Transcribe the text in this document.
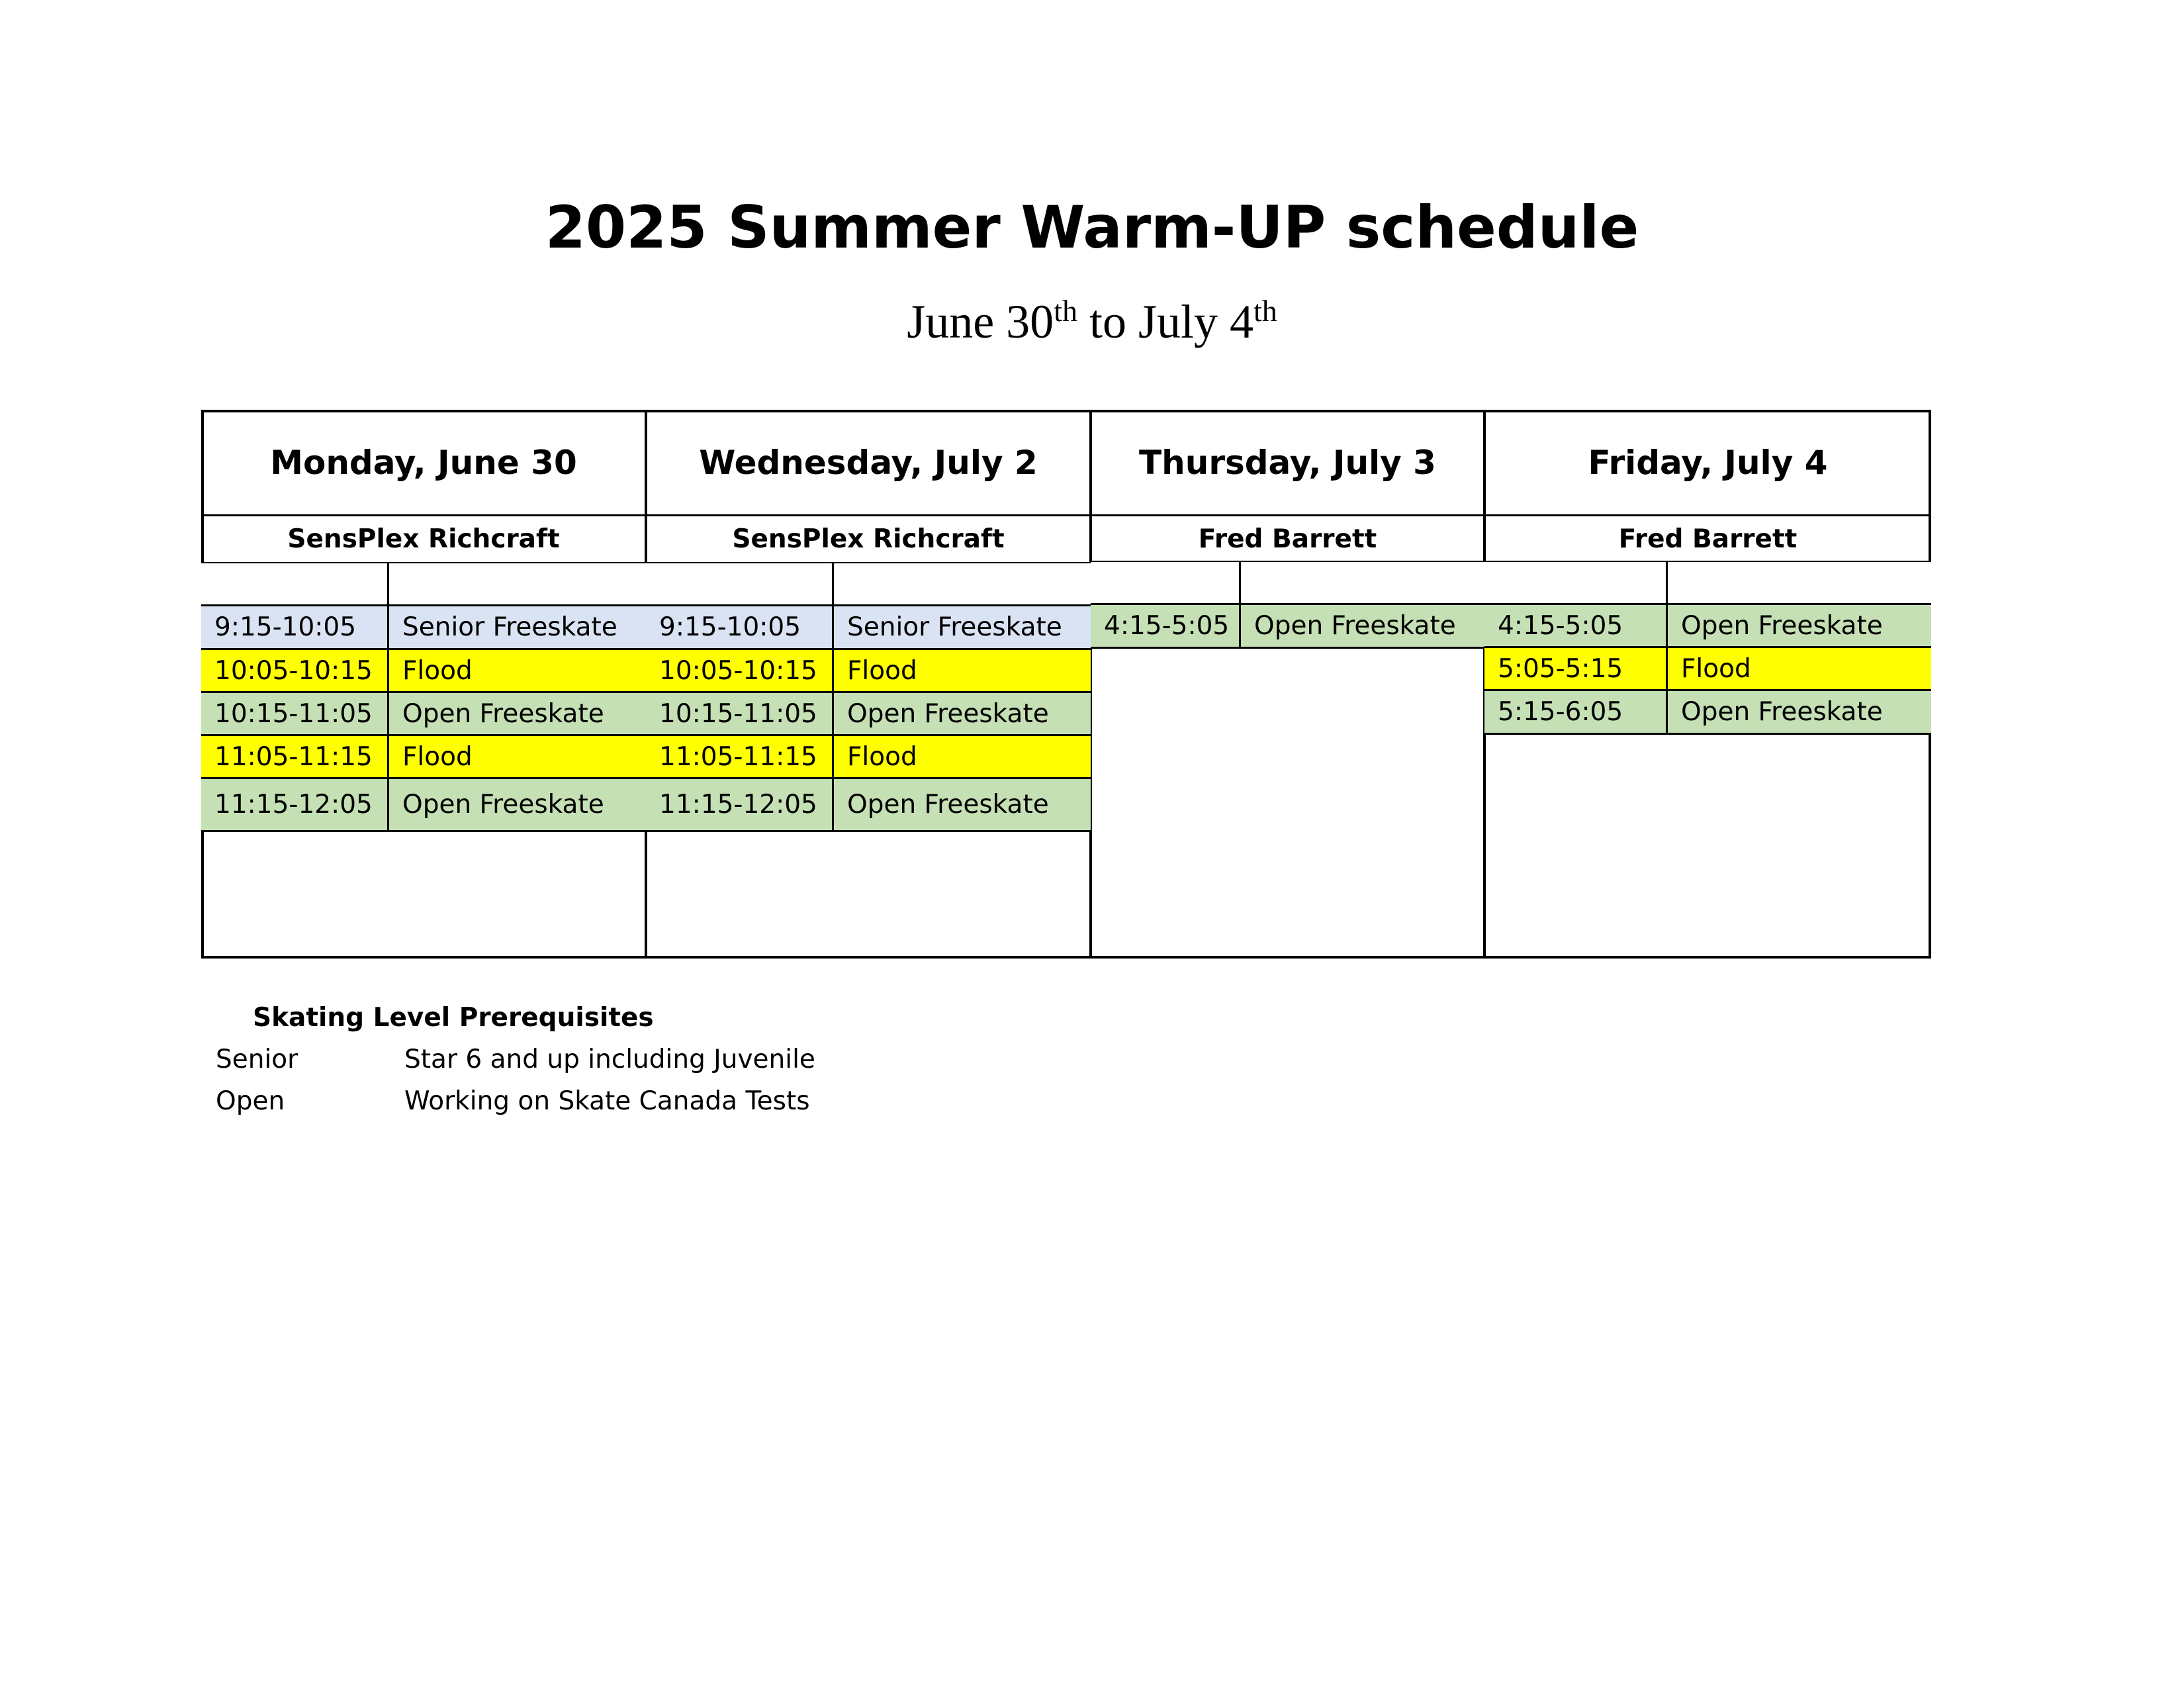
2025 Summer Warm-UP schedule
June 30th to July 4th
Monday, June 30
SensPlex Richcraft
9:15-10:05	Senior Freeskate
10:05-10:15	Flood
10:15-11:05	Open Freeskate
11:05-11:15	Flood
11:15-12:05	Open Freeskate
Wednesday, July 2
SensPlex Richcraft
9:15-10:05	Senior Freeskate
10:05-10:15	Flood
10:15-11:05	Open Freeskate
11:05-11:15	Flood
11:15-12:05	Open Freeskate
Thursday, July 3
Fred Barrett
4:15-5:05 Open Freeskate
Friday, July 4
Fred Barrett
4:15-5:05	Open Freeskate
5:05-5:15	Flood
5:15-6:05	Open Freeskate
Skating Level Prerequisites
Senior	Star 6 and up including Juvenile
Open	Working on Skate Canada Tests
